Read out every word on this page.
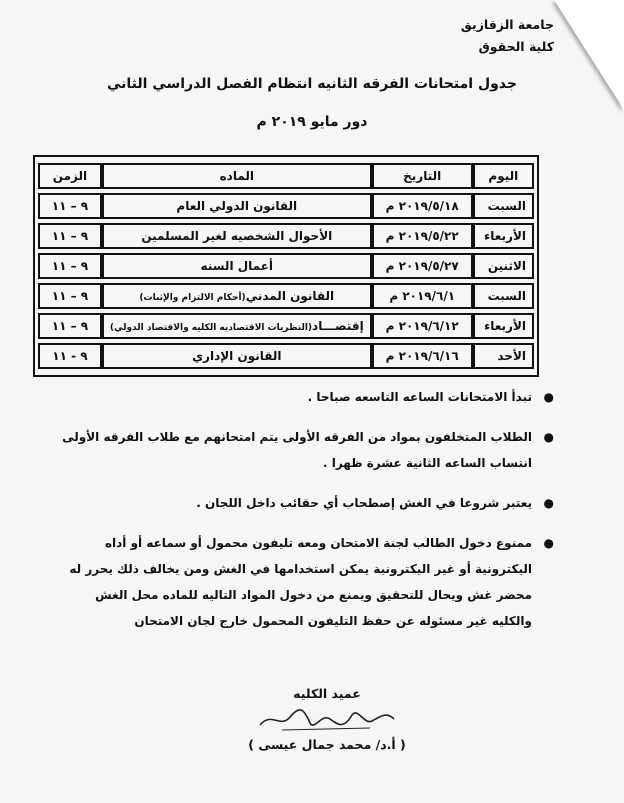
جامعة الزقازيق
كلية الحقوق
جدول امتحانات الفرقه الثانيه انتظام الفصل الدراسي الثاني
دور مايو ٢٠١٩ م
اليوم	التاريخ	الماده	الزمن
السبت	٢٠١٩/٥/١٨ م	القانون الدولي العام	٩ – ١١
الأربعاء	٢٠١٩/٥/٢٢ م	الأحوال الشخصيه لغير المسلمين	٩ – ١١
الاثنين	٢٠١٩/٥/٢٧ م	أعمال السنه	٩ – ١١
السبت	٢٠١٩/٦/١ م	القانون المدني(أحكام الالتزام والإثبات)	٩ – ١١
الأربعاء	٢٠١٩/٦/١٢ م	إقتصـــاد(النظريات الاقتصاديه الكليه والاقتصاد الدولي)	٩ – ١١
الأحد	٢٠١٩/٦/١٦ م	القانون الإداري	٩ - ١١
●
تبدأ الامتحانات الساعه التاسعه صباحا .
●
الطلاب المتخلفون بمواد من الفرقه الأولى يتم امتحانهم مع طلاب الفرقه الأولى انتساب الساعه الثانية عشرة ظهرا .
●
يعتبر شروعا في الغش إصطحاب أي حقائب داخل اللجان .
●
ممنوع دخول الطالب لجنة الامتحان ومعه تليفون محمول أو سماعه أو أداه اليكترونية أو غير اليكترونية يمكن استخدامها في الغش ومن يخالف ذلك يحرر له محضر غش ويحال للتحقيق ويمنع من دخول المواد التاليه للماده محل الغش والكليه غير مسئوله عن حفظ التليفون المحمول خارج لجان الامتحان
عميد الكليه
( أ.د/ محمد جمال عيسى )
